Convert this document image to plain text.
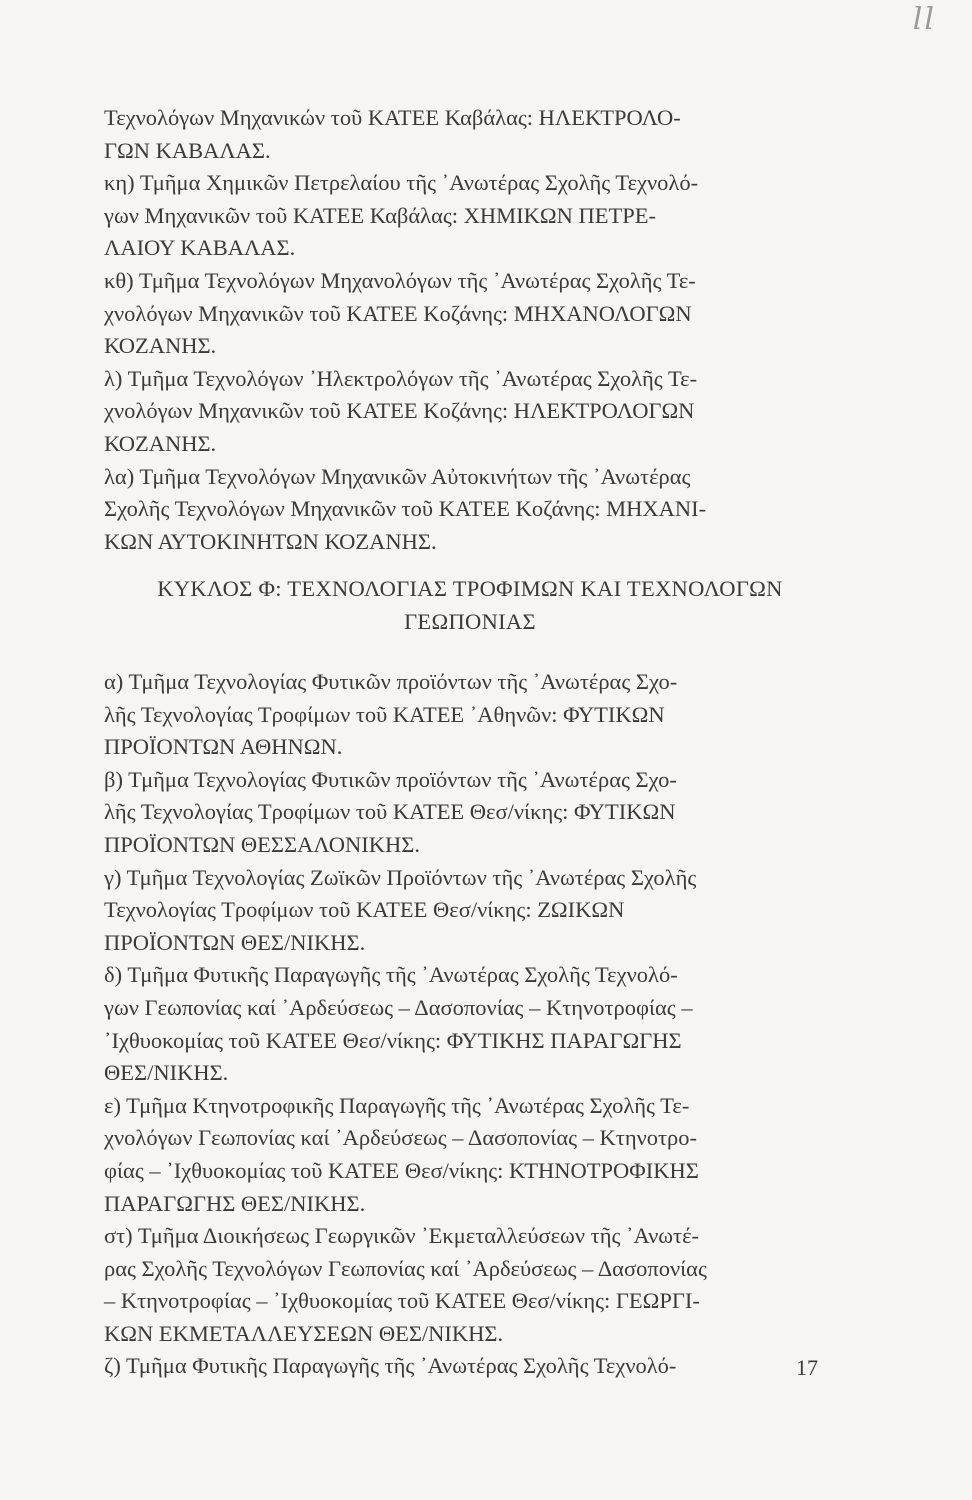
ll

Τεχνολόγων Μηχανικών τοῦ ΚΑΤΕΕ Καβάλας: ΗΛΕΚΤΡΟΛΟ-

ΓΩΝ ΚΑΒΑΛΑΣ.

κη) Τμῆμα Χημικῶν Πετρελαίου τῆς ᾿Ανωτέρας Σχολῆς Τεχνολό-

γων Μηχανικῶν τοῦ ΚΑΤΕΕ Καβάλας: ΧΗΜΙΚΩΝ ΠΕΤΡΕ-

ΛΑΙΟΥ ΚΑΒΑΛΑΣ.

κθ) Τμῆμα Τεχνολόγων Μηχανολόγων τῆς ᾿Ανωτέρας Σχολῆς Τε-

χνολόγων Μηχανικῶν τοῦ ΚΑΤΕΕ Κοζάνης: ΜΗΧΑΝΟΛΟΓΩΝ

ΚΟΖΑΝΗΣ.

λ) Τμῆμα Τεχνολόγων ᾿Ηλεκτρολόγων τῆς ᾿Ανωτέρας Σχολῆς Τε-

χνολόγων Μηχανικῶν τοῦ ΚΑΤΕΕ Κοζάνης: ΗΛΕΚΤΡΟΛΟΓΩΝ

ΚΟΖΑΝΗΣ.

λα) Τμῆμα Τεχνολόγων Μηχανικῶν Αὐτοκινήτων τῆς ᾿Ανωτέρας

Σχολῆς Τεχνολόγων Μηχανικῶν τοῦ ΚΑΤΕΕ Κοζάνης: ΜΗΧΑΝΙ-

ΚΩΝ ΑΥΤΟΚΙΝΗΤΩΝ ΚΟΖΑΝΗΣ.

ΚΥΚΛΟΣ Φ: ΤΕΧΝΟΛΟΓΙΑΣ ΤΡΟΦΙΜΩΝ ΚΑΙ ΤΕΧΝΟΛΟΓΩΝ
ΓΕΩΠΟΝΙΑΣ

α) Τμῆμα Τεχνολογίας Φυτικῶν προϊόντων τῆς ᾿Ανωτέρας Σχο-

λῆς Τεχνολογίας Τροφίμων τοῦ ΚΑΤΕΕ ᾿Αθηνῶν: ΦΥΤΙΚΩΝ

ΠΡΟΪΟΝΤΩΝ ΑΘΗΝΩΝ.

β) Τμῆμα Τεχνολογίας Φυτικῶν προϊόντων τῆς ᾿Ανωτέρας Σχο-

λῆς Τεχνολογίας Τροφίμων τοῦ ΚΑΤΕΕ Θεσ/νίκης: ΦΥΤΙΚΩΝ

ΠΡΟΪΟΝΤΩΝ ΘΕΣΣΑΛΟΝΙΚΗΣ.

γ) Τμῆμα Τεχνολογίας Ζωϊκῶν Προϊόντων τῆς ᾿Ανωτέρας Σχολῆς

Τεχνολογίας Τροφίμων τοῦ ΚΑΤΕΕ Θεσ/νίκης: ΖΩΙΚΩΝ

ΠΡΟΪΟΝΤΩΝ ΘΕΣ/ΝΙΚΗΣ.

δ) Τμῆμα Φυτικῆς Παραγωγῆς τῆς ᾿Ανωτέρας Σχολῆς Τεχνολό-

γων Γεωπονίας καί ᾿Αρδεύσεως – Δασοπονίας – Κτηνοτροφίας –

᾿Ιχθυοκομίας τοῦ ΚΑΤΕΕ Θεσ/νίκης: ΦΥΤΙΚΗΣ ΠΑΡΑΓΩΓΗΣ

ΘΕΣ/ΝΙΚΗΣ.

ε) Τμῆμα Κτηνοτροφικῆς Παραγωγῆς τῆς ᾿Ανωτέρας Σχολῆς Τε-

χνολόγων Γεωπονίας καί ᾿Αρδεύσεως – Δασοπονίας – Κτηνοτρο-

φίας – ᾿Ιχθυοκομίας τοῦ ΚΑΤΕΕ Θεσ/νίκης: ΚΤΗΝΟΤΡΟΦΙΚΗΣ

ΠΑΡΑΓΩΓΗΣ ΘΕΣ/ΝΙΚΗΣ.

στ) Τμῆμα Διοικήσεως Γεωργικῶν ᾿Εκμεταλλεύσεων τῆς ᾿Ανωτέ-

ρας Σχολῆς Τεχνολόγων Γεωπονίας καί ᾿Αρδεύσεως – Δασοπονίας

– Κτηνοτροφίας – ᾿Ιχθυοκομίας τοῦ ΚΑΤΕΕ Θεσ/νίκης: ΓΕΩΡΓΙ-

ΚΩΝ ΕΚΜΕΤΑΛΛΕΥΣΕΩΝ ΘΕΣ/ΝΙΚΗΣ.

ζ) Τμῆμα Φυτικῆς Παραγωγῆς τῆς ᾿Ανωτέρας Σχολῆς Τεχνολό-	17
